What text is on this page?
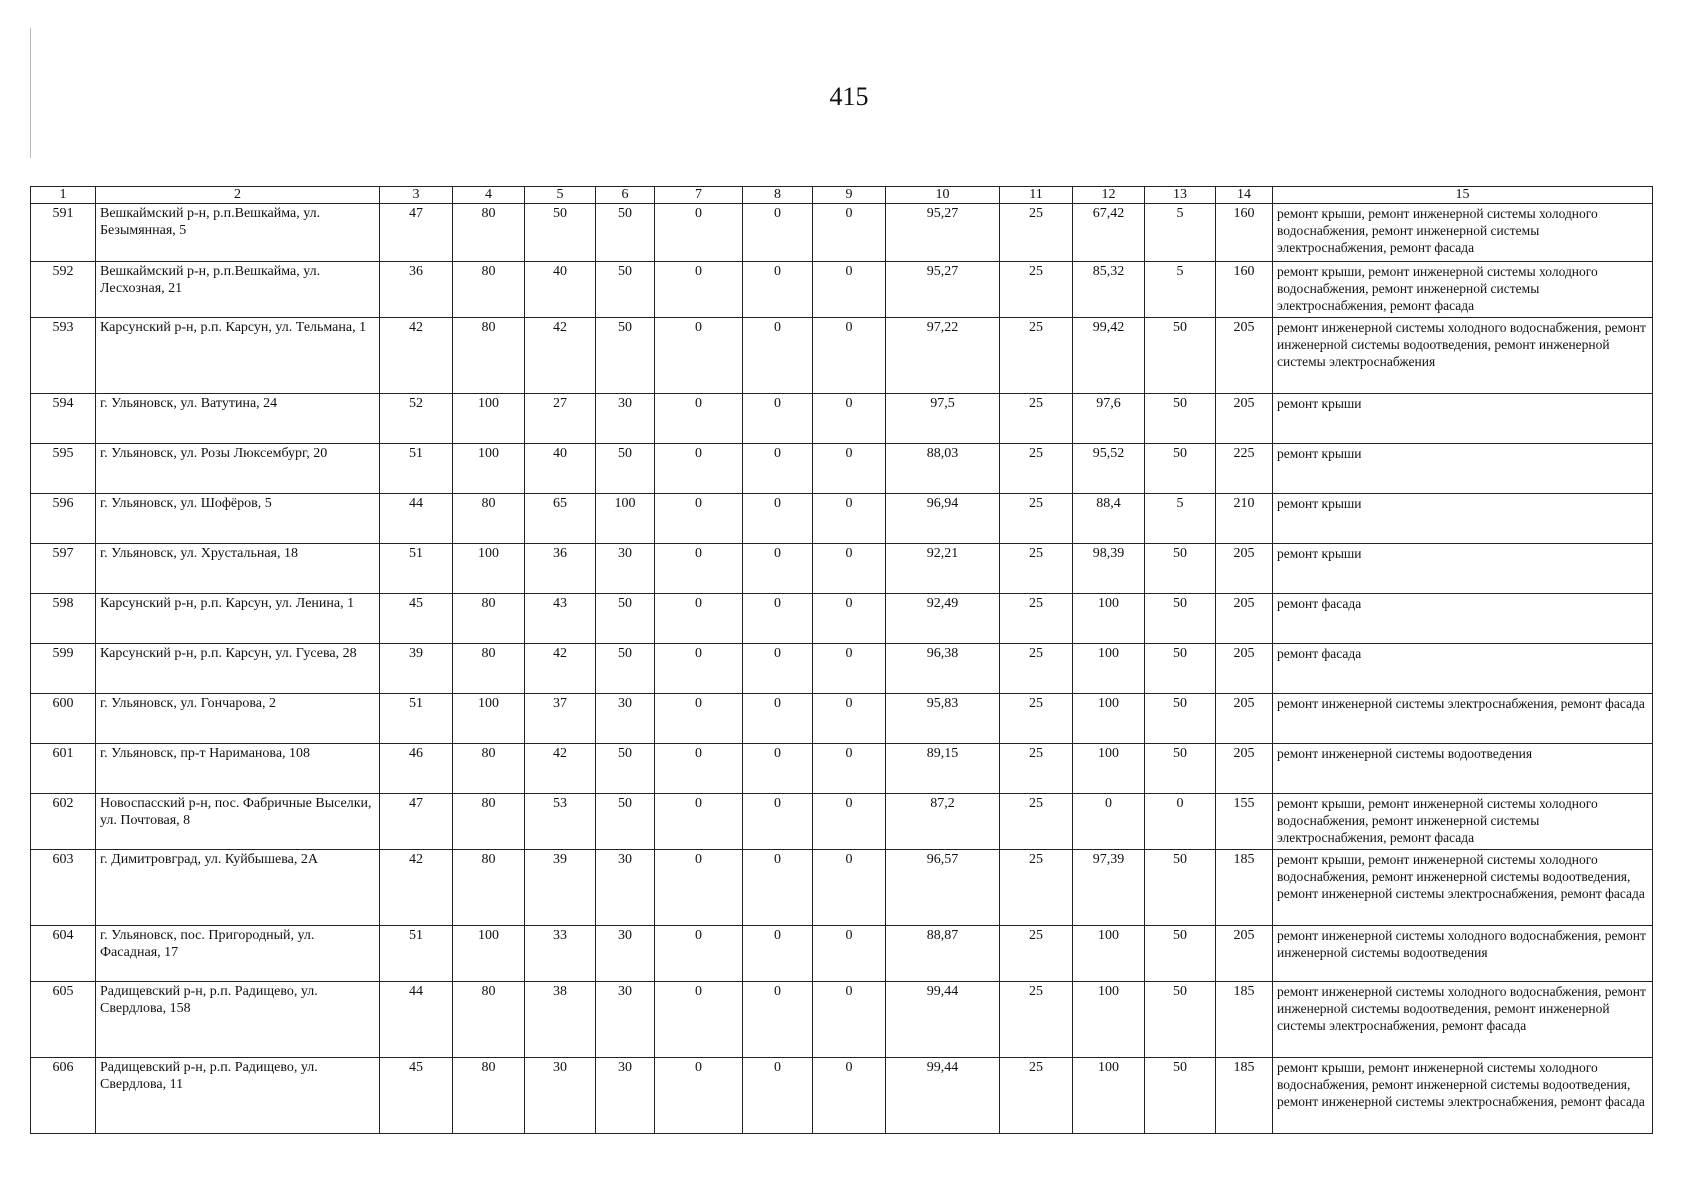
415
1	2	3	4	5	6	7	8	9	10	11	12	13	14	15
591	Вешкаймский р-н, р.п.Вешкайма, ул. Безымянная, 5	47	80	50	50	0	0	0	95,27	25	67,42	5	160	ремонт крыши, ремонт инженерной системы холодного водоснабжения, ремонт инженерной системы электроснабжения, ремонт фасада
592	Вешкаймский р-н, р.п.Вешкайма, ул. Лесхозная, 21	36	80	40	50	0	0	0	95,27	25	85,32	5	160	ремонт крыши, ремонт инженерной системы холодного водоснабжения, ремонт инженерной системы электроснабжения, ремонт фасада
593	Карсунский р-н, р.п. Карсун, ул. Тельмана, 1	42	80	42	50	0	0	0	97,22	25	99,42	50	205	ремонт инженерной системы холодного водоснабжения, ремонт инженерной системы водоотведения, ремонт инженерной системы электроснабжения
594	г. Ульяновск, ул. Ватутина, 24	52	100	27	30	0	0	0	97,5	25	97,6	50	205	ремонт крыши
595	г. Ульяновск, ул. Розы Люксембург, 20	51	100	40	50	0	0	0	88,03	25	95,52	50	225	ремонт крыши
596	г. Ульяновск, ул. Шофёров, 5	44	80	65	100	0	0	0	96,94	25	88,4	5	210	ремонт крыши
597	г. Ульяновск, ул. Хрустальная, 18	51	100	36	30	0	0	0	92,21	25	98,39	50	205	ремонт крыши
598	Карсунский р-н, р.п. Карсун, ул. Ленина, 1	45	80	43	50	0	0	0	92,49	25	100	50	205	ремонт фасада
599	Карсунский р-н, р.п. Карсун, ул. Гусева, 28	39	80	42	50	0	0	0	96,38	25	100	50	205	ремонт фасада
600	г. Ульяновск, ул. Гончарова, 2	51	100	37	30	0	0	0	95,83	25	100	50	205	ремонт инженерной системы электроснабжения, ремонт фасада
601	г. Ульяновск, пр-т Нариманова, 108	46	80	42	50	0	0	0	89,15	25	100	50	205	ремонт инженерной системы водоотведения
602	Новоспасский р-н, пос. Фабричные Выселки, ул. Почтовая, 8	47	80	53	50	0	0	0	87,2	25	0	0	155	ремонт крыши, ремонт инженерной системы холодного водоснабжения, ремонт инженерной системы электроснабжения, ремонт фасада
603	г. Димитровград, ул. Куйбышева, 2А	42	80	39	30	0	0	0	96,57	25	97,39	50	185	ремонт крыши, ремонт инженерной системы холодного водоснабжения, ремонт инженерной системы водоотведения, ремонт инженерной системы электроснабжения, ремонт фасада
604	г. Ульяновск, пос. Пригородный, ул. Фасадная, 17	51	100	33	30	0	0	0	88,87	25	100	50	205	ремонт инженерной системы холодного водоснабжения, ремонт инженерной системы водоотведения
605	Радищевский р-н, р.п. Радищево, ул. Свердлова, 158	44	80	38	30	0	0	0	99,44	25	100	50	185	ремонт инженерной системы холодного водоснабжения, ремонт инженерной системы водоотведения, ремонт инженерной системы электроснабжения, ремонт фасада
606	Радищевский р-н, р.п. Радищево, ул. Свердлова, 11	45	80	30	30	0	0	0	99,44	25	100	50	185	ремонт крыши, ремонт инженерной системы холодного водоснабжения, ремонт инженерной системы водоотведения, ремонт инженерной системы электроснабжения, ремонт фасада
